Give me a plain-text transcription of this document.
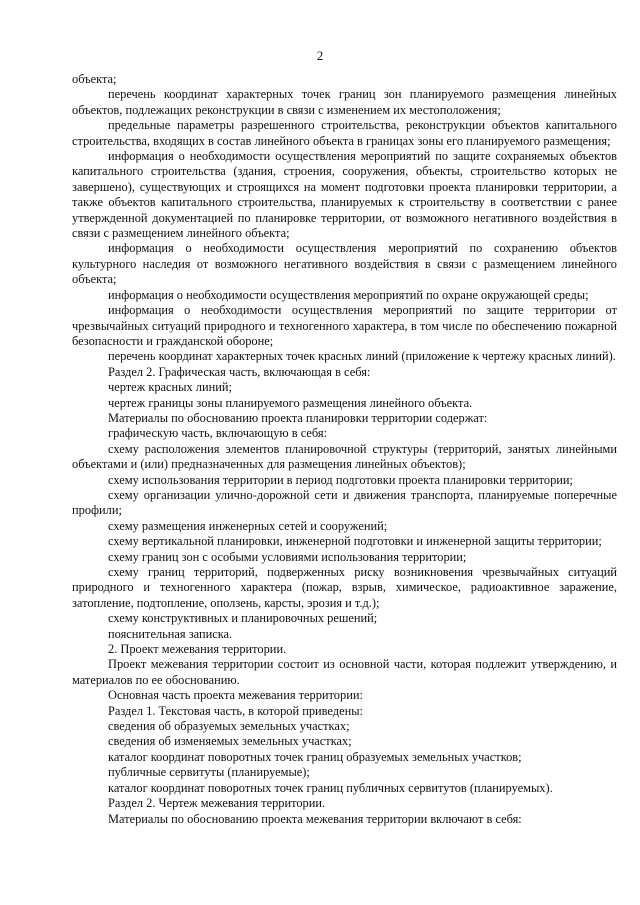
2

объекта;

перечень координат характерных точек границ зон планируемого размещения линейных объектов, подлежащих реконструкции в связи с изменением их местоположения;

предельные параметры разрешенного строительства, реконструкции объектов капитального строительства, входящих в состав линейного объекта в границах зоны его планируемого размещения;

информация о необходимости осуществления мероприятий по защите сохраняемых объектов капитального строительства (здания, строения, сооружения, объекты, строительство которых не завершено), существующих и строящихся на момент подготовки проекта планировки территории, а также объектов капитального строительства, планируемых к строительству в соответствии с ранее утвержденной документацией по планировке территории, от возможного негативного воздействия в связи с размещением линейного объекта;

информация о необходимости осуществления мероприятий по сохранению объектов культурного наследия от возможного негативного воздействия в связи с размещением линейного объекта;

информация о необходимости осуществления мероприятий по охране окружающей среды;

информация о необходимости осуществления мероприятий по защите территории от чрезвычайных ситуаций природного и техногенного характера, в том числе по обеспечению пожарной безопасности и гражданской обороне;

перечень координат характерных точек красных линий (приложение к чертежу красных линий).

Раздел 2. Графическая часть, включающая в себя:

чертеж красных линий;

чертеж границы зоны планируемого размещения линейного объекта.

Материалы по обоснованию проекта планировки территории содержат:

графическую часть, включающую в себя:

схему расположения элементов планировочной структуры (территорий, занятых линейными объектами и (или) предназначенных для размещения линейных объектов);

схему использования территории в период подготовки проекта планировки территории;

схему организации улично-дорожной сети и движения транспорта, планируемые поперечные профили;

схему размещения инженерных сетей и сооружений;

схему вертикальной планировки, инженерной подготовки и инженерной защиты территории;

схему границ зон с особыми условиями использования территории;

схему границ территорий, подверженных риску возникновения чрезвычайных ситуаций природного и техногенного характера (пожар, взрыв, химическое, радиоактивное заражение, затопление, подтопление, оползень, карсты, эрозия и т.д.);

схему конструктивных и планировочных решений;

пояснительная записка.

2. Проект межевания территории.

Проект межевания территории состоит из основной части, которая подлежит утверждению, и материалов по ее обоснованию.

Основная часть проекта межевания территории:

Раздел 1. Текстовая часть, в которой приведены:

сведения об образуемых земельных участках;

сведения об изменяемых земельных участках;

каталог координат поворотных точек границ образуемых земельных участков;

публичные сервитуты (планируемые);

каталог координат поворотных точек границ публичных сервитутов (планируемых).

Раздел 2. Чертеж межевания территории.

Материалы по обоснованию проекта межевания территории включают в себя:
